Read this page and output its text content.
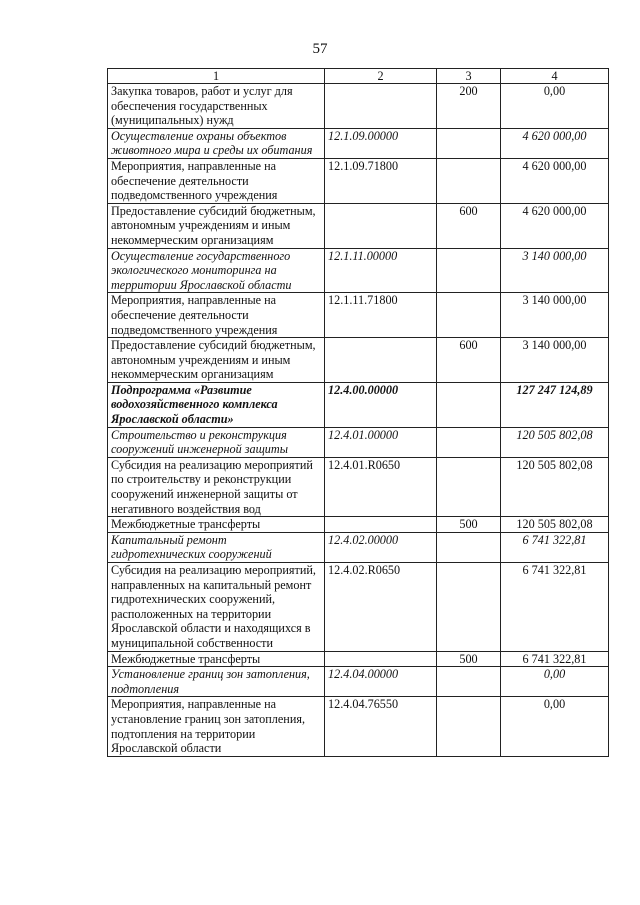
57
1	2	3	4
Закупка товаров, работ и услуг для обеспечения государственных (муниципальных) нужд		200	0,00
Осуществление охраны объектов животного мира и среды их обитания	12.1.09.00000		4 620 000,00
Мероприятия, направленные на обеспечение деятельности подведомственного учреждения	12.1.09.71800		4 620 000,00
Предоставление субсидий бюджетным, автономным учреждениям и иным некоммерческим организациям		600	4 620 000,00
Осуществление государственного экологического мониторинга на территории Ярославской области	12.1.11.00000		3 140 000,00
Мероприятия, направленные на обеспечение деятельности подведомственного учреждения	12.1.11.71800		3 140 000,00
Предоставление субсидий бюджетным, автономным учреждениям и иным некоммерческим организациям		600	3 140 000,00
Подпрограмма «Развитие водохозяйственного комплекса Ярославской области»	12.4.00.00000		127 247 124,89
Строительство и реконструкция сооружений инженерной защиты	12.4.01.00000		120 505 802,08
Субсидия на реализацию мероприятий по строительству и реконструкции сооружений инженерной защиты от негативного воздействия вод	12.4.01.R0650		120 505 802,08
Межбюджетные трансферты		500	120 505 802,08
Капитальный ремонт гидротехнических сооружений	12.4.02.00000		6 741 322,81
Субсидия на реализацию мероприятий, направленных на капитальный ремонт гидротехнических сооружений, расположенных на территории Ярославской области и находящихся в муниципальной собственности	12.4.02.R0650		6 741 322,81
Межбюджетные трансферты		500	6 741 322,81
Установление границ зон затопления, подтопления	12.4.04.00000		0,00
Мероприятия, направленные на установление границ зон затопления, подтопления на территории Ярославской области	12.4.04.76550		0,00
